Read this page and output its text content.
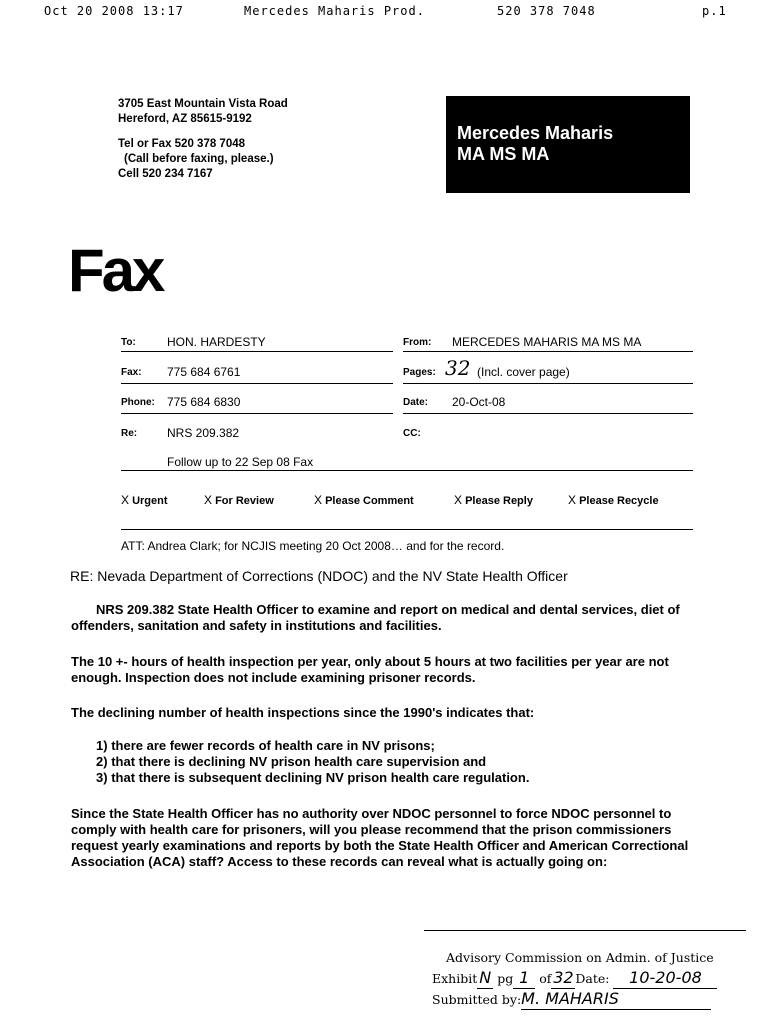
Oct 20 2008 13:17	Mercedes Maharis Prod.	520 378 7048	p.1
3705 East Mountain Vista Road
Hereford, AZ 85615-9192
Tel or Fax 520 378 7048
(Call before faxing, please.)
Cell 520 234 7167
Mercedes Maharis
MA MS MA
Fax
To:	HON. HARDESTY	From: MERCEDES MAHARIS MA MS MA
Fax: 775 684 6761	Pages: 32 (Incl. cover page)
Phone: 775 684 6830	Date: 20-Oct-08
Re: NRS 209.382	CC:
Follow up to 22 Sep 08 Fax
X Urgent	X For Review	X Please Comment	X Please Reply	X Please Recycle
ATT: Andrea Clark; for NCJIS meeting 20 Oct 2008… and for the record.
RE: Nevada Department of Corrections (NDOC) and the NV State Health Officer

NRS 209.382 State Health Officer to examine and report on medical and dental services, diet of offenders, sanitation and safety in institutions and facilities.

The 10 +- hours of health inspection per year, only about 5 hours at two facilities per year are not enough. Inspection does not include examining prisoner records.

The declining number of health inspections since the 1990's indicates that:

1) there are fewer records of health care in NV prisons;
2) that there is declining NV prison health care supervision and
3) that there is subsequent declining NV prison health care regulation.

Since the State Health Officer has no authority over NDOC personnel to force NDOC personnel to comply with health care for prisoners, will you please recommend that the prison commissioners request yearly examinations and reports by both the State Health Officer and American Correctional Association (ACA) staff? Access to these records can reveal what is actually going on:

Advisory Commission on Admin. of Justice
Exhibit N pg 1 of 32 Date: 10-20-08
Submitted by:M. MAHARIS
